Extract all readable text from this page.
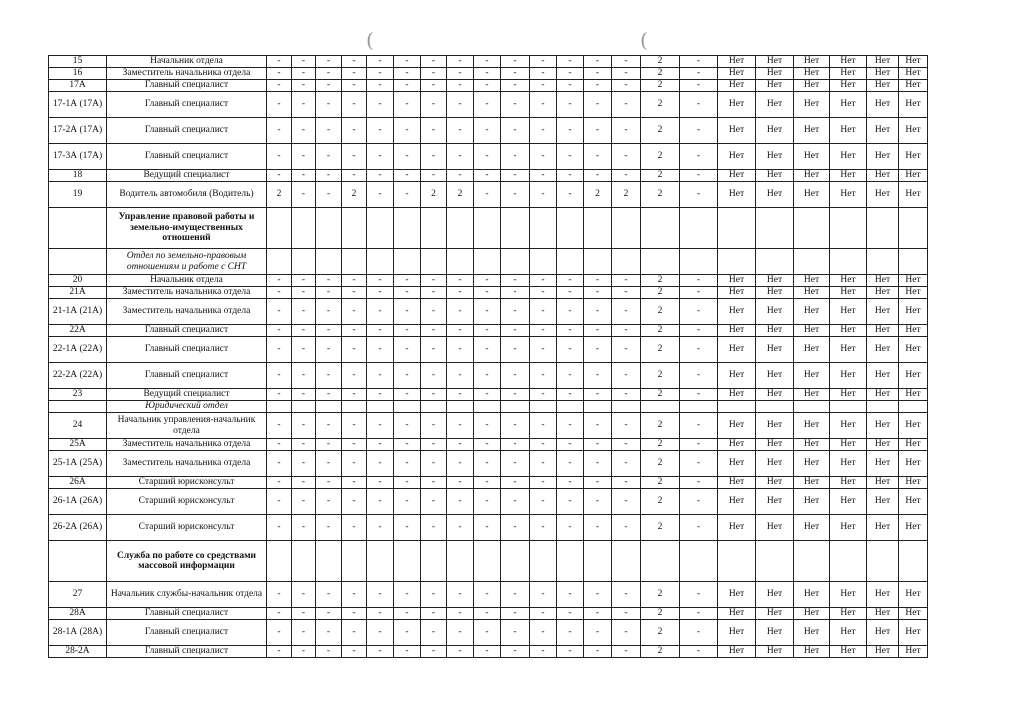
(	(
15	Начальник отдела	-	-	-	-	-	-	-	-	-	-	-	-	-	-	2	-	Нет	Нет	Нет	Нет	Нет	Нет
16	Заместитель начальника отдела	-	-	-	-	-	-	-	-	-	-	-	-	-	-	2	-	Нет	Нет	Нет	Нет	Нет	Нет
17А	Главный специалист	-	-	-	-	-	-	-	-	-	-	-	-	-	-	2	-	Нет	Нет	Нет	Нет	Нет	Нет
17-1А (17А)	Главный специалист	-	-	-	-	-	-	-	-	-	-	-	-	-	-	2	-	Нет	Нет	Нет	Нет	Нет	Нет
17-2А (17А)	Главный специалист	-	-	-	-	-	-	-	-	-	-	-	-	-	-	2	-	Нет	Нет	Нет	Нет	Нет	Нет
17-3А (17А)	Главный специалист	-	-	-	-	-	-	-	-	-	-	-	-	-	-	2	-	Нет	Нет	Нет	Нет	Нет	Нет
18	Ведущий специалист	-	-	-	-	-	-	-	-	-	-	-	-	-	-	2	-	Нет	Нет	Нет	Нет	Нет	Нет
19	Водитель автомобиля (Водитель)	2	-	-	2	-	-	2	2	-	-	-	-	2	2	2	-	Нет	Нет	Нет	Нет	Нет	Нет
	Управление правовой работы и земельно-имущественных отношений																						
	Отдел по земельно-правовым отношениям и работе с СНТ																						
20	Начальник отдела	-	-	-	-	-	-	-	-	-	-	-	-	-	-	2	-	Нет	Нет	Нет	Нет	Нет	Нет
21А	Заместитель начальника отдела	-	-	-	-	-	-	-	-	-	-	-	-	-	-	2	-	Нет	Нет	Нет	Нет	Нет	Нет
21-1А (21А)	Заместитель начальника отдела	-	-	-	-	-	-	-	-	-	-	-	-	-	-	2	-	Нет	Нет	Нет	Нет	Нет	Нет
22А	Главный специалист	-	-	-	-	-	-	-	-	-	-	-	-	-	-	2	-	Нет	Нет	Нет	Нет	Нет	Нет
22-1А (22А)	Главный специалист	-	-	-	-	-	-	-	-	-	-	-	-	-	-	2	-	Нет	Нет	Нет	Нет	Нет	Нет
22-2А (22А)	Главный специалист	-	-	-	-	-	-	-	-	-	-	-	-	-	-	2	-	Нет	Нет	Нет	Нет	Нет	Нет
23	Ведущий специалист	-	-	-	-	-	-	-	-	-	-	-	-	-	-	2	-	Нет	Нет	Нет	Нет	Нет	Нет
	Юридический отдел																						
24	Начальник управления-начальник отдела	-	-	-	-	-	-	-	-	-	-	-	-	-	-	2	-	Нет	Нет	Нет	Нет	Нет	Нет
25А	Заместитель начальника отдела	-	-	-	-	-	-	-	-	-	-	-	-	-	-	2	-	Нет	Нет	Нет	Нет	Нет	Нет
25-1А (25А)	Заместитель начальника отдела	-	-	-	-	-	-	-	-	-	-	-	-	-	-	2	-	Нет	Нет	Нет	Нет	Нет	Нет
26А	Старший юрисконсульт	-	-	-	-	-	-	-	-	-	-	-	-	-	-	2	-	Нет	Нет	Нет	Нет	Нет	Нет
26-1А (26А)	Старший юрисконсульт	-	-	-	-	-	-	-	-	-	-	-	-	-	-	2	-	Нет	Нет	Нет	Нет	Нет	Нет
26-2А (26А)	Старший юрисконсульт	-	-	-	-	-	-	-	-	-	-	-	-	-	-	2	-	Нет	Нет	Нет	Нет	Нет	Нет
	Служба по работе со средствами массовой информации																						
27	Начальник службы-начальник отдела	-	-	-	-	-	-	-	-	-	-	-	-	-	-	2	-	Нет	Нет	Нет	Нет	Нет	Нет
28А	Главный специалист	-	-	-	-	-	-	-	-	-	-	-	-	-	-	2	-	Нет	Нет	Нет	Нет	Нет	Нет
28-1А (28А)	Главный специалист	-	-	-	-	-	-	-	-	-	-	-	-	-	-	2	-	Нет	Нет	Нет	Нет	Нет	Нет
28-2А	Главный специалист	-	-	-	-	-	-	-	-	-	-	-	-	-	-	2	-	Нет	Нет	Нет	Нет	Нет	Нет
